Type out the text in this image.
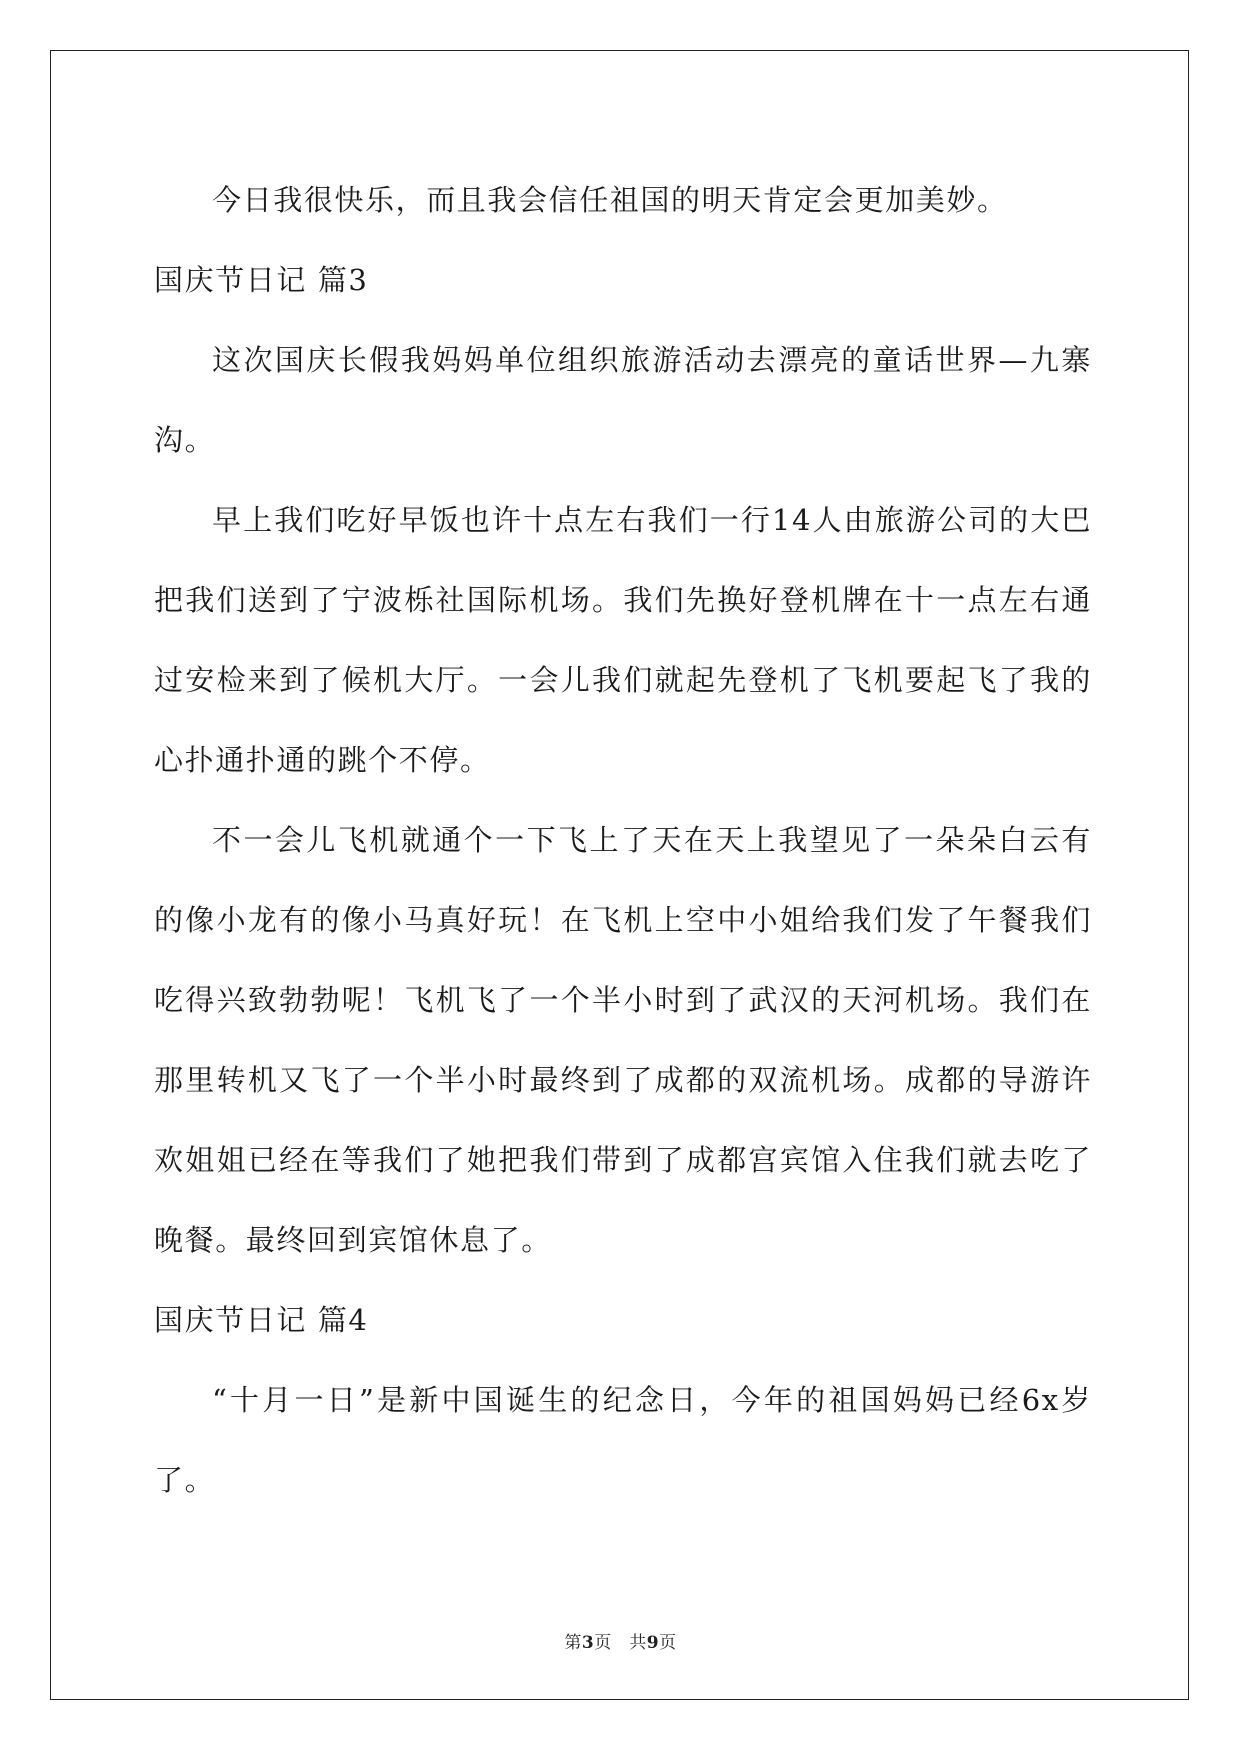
今日我很快乐，而且我会信任祖国的明天肯定会更加美妙。

国庆节日记 篇3

这次国庆长假我妈妈单位组织旅游活动去漂亮的童话世界—九寨沟。

早上我们吃好早饭也许十点左右我们一行14人由旅游公司的大巴把我们送到了宁波栎社国际机场。我们先换好登机牌在十一点左右通过安检来到了候机大厅。一会儿我们就起先登机了飞机要起飞了我的心扑通扑通的跳个不停。

不一会儿飞机就通个一下飞上了天在天上我望见了一朵朵白云有的像小龙有的像小马真好玩！在飞机上空中小姐给我们发了午餐我们吃得兴致勃勃呢！飞机飞了一个半小时到了武汉的天河机场。我们在那里转机又飞了一个半小时最终到了成都的双流机场。成都的导游许欢姐姐已经在等我们了她把我们带到了成都宫宾馆入住我们就去吃了晚餐。最终回到宾馆休息了。

国庆节日记 篇4

“十月一日”是新中国诞生的纪念日，今年的祖国妈妈已经6x岁了。

第3页　共9页
